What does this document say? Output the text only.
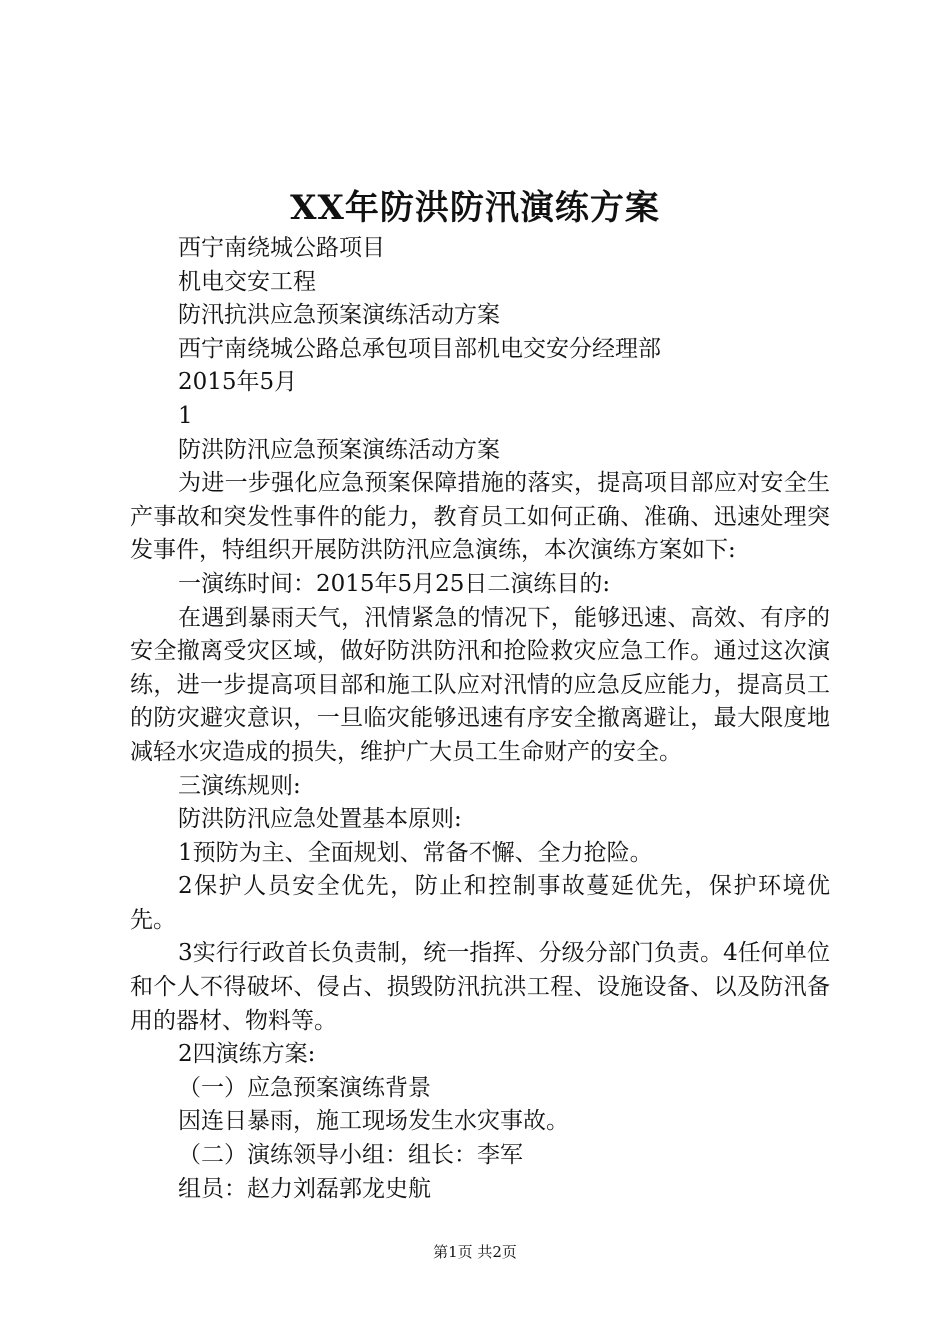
XX年防洪防汛演练方案

西宁南绕城公路项目

机电交安工程

防汛抗洪应急预案演练活动方案

西宁南绕城公路总承包项目部机电交安分经理部

2015年5月

1

防洪防汛应急预案演练活动方案

为进一步强化应急预案保障措施的落实，提高项目部应对安全生产事故和突发性事件的能力，教育员工如何正确、准确、迅速处理突发事件，特组织开展防洪防汛应急演练，本次演练方案如下:

一演练时间：2015年5月25日二演练目的:

在遇到暴雨天气，汛情紧急的情况下，能够迅速、高效、有序的安全撤离受灾区域，做好防洪防汛和抢险救灾应急工作。通过这次演练，进一步提高项目部和施工队应对汛情的应急反应能力，提高员工的防灾避灾意识，一旦临灾能够迅速有序安全撤离避让，最大限度地减轻水灾造成的损失，维护广大员工生命财产的安全。

三演练规则:

防洪防汛应急处置基本原则:

1预防为主、全面规划、常备不懈、全力抢险。

2保护人员安全优先，防止和控制事故蔓延优先，保护环境优先。

3实行行政首长负责制，统一指挥、分级分部门负责。4任何单位和个人不得破坏、侵占、损毁防汛抗洪工程、设施设备、以及防汛备用的器材、物料等。

2四演练方案:

（一）应急预案演练背景

因连日暴雨，施工现场发生水灾事故。

（二）演练领导小组：组长：李军

组员：赵力刘磊郭龙史航

第1页 共2页
